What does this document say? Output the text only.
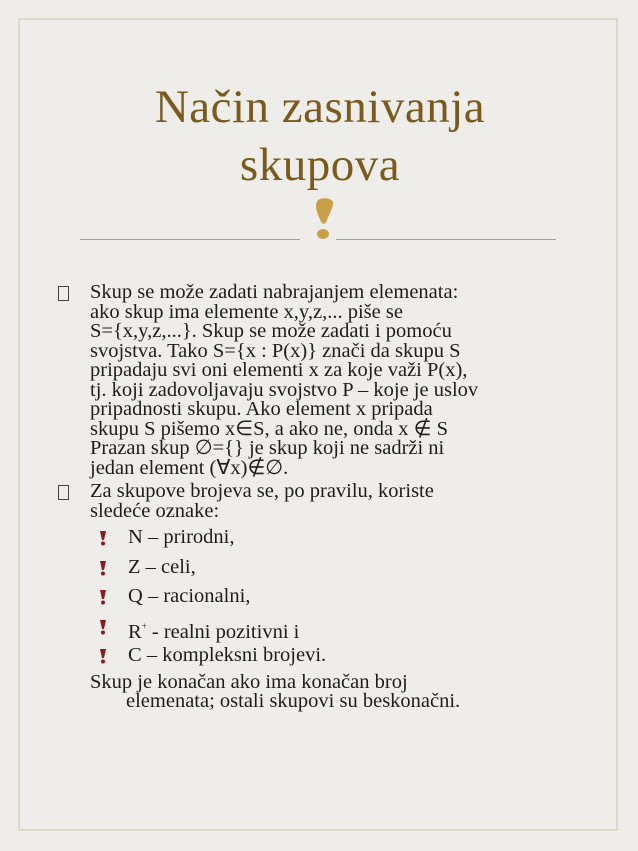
Način zasnivanja
skupova
Skup se može zadati nabrajanjem elemenata:
ako skup ima elemente x,y,z,... piše se
S={x,y,z,...}. Skup se može zadati i pomoću
svojstva. Tako S={x : P(x)} znači da skupu S
pripadaju svi oni elementi x za koje važi P(x),
tj. koji zadovoljavaju svojstvo P – koje je uslov
pripadnosti skupu. Ako element x pripada
skupu S pišemo x∈S, a ako ne, onda x ∉ S
Prazan skup ∅={} je skup koji ne sadrži ni
jedan element (∀x)∉∅.
Za skupove brojeva se, po pravilu, koriste
sledeće oznake:
N – prirodni,
Z – celi,
Q – racionalni,
R+ - realni pozitivni i
C – kompleksni brojevi.
Skup je konačan ako ima konačan broj
elemenata; ostali skupovi su beskonačni.
